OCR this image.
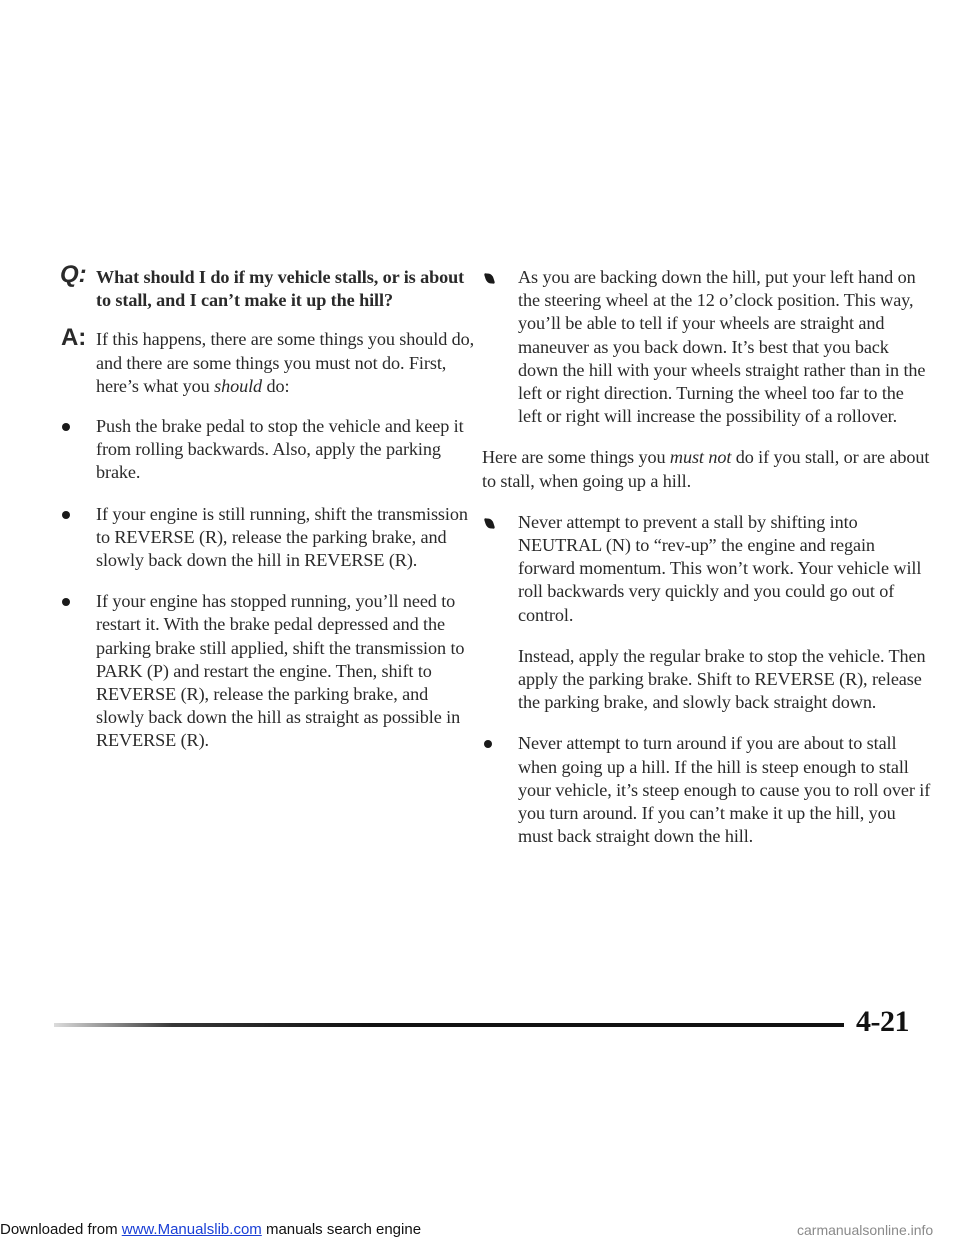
Q: What should I do if my vehicle stalls, or is about to stall, and I can’t make it up the hill?
A: If this happens, there are some things you should do, and there are some things you must not do. First, here’s what you should do:
Push the brake pedal to stop the vehicle and keep it from rolling backwards. Also, apply the parking brake.
If your engine is still running, shift the transmission to REVERSE (R), release the parking brake, and slowly back down the hill in REVERSE (R).
If your engine has stopped running, you’ll need to restart it. With the brake pedal depressed and the parking brake still applied, shift the transmission to PARK (P) and restart the engine. Then, shift to REVERSE (R), release the parking brake, and slowly back down the hill as straight as possible in REVERSE (R).
As you are backing down the hill, put your left hand on the steering wheel at the 12 o’clock position. This way, you’ll be able to tell if your wheels are straight and maneuver as you back down. It’s best that you back down the hill with your wheels straight rather than in the left or right direction. Turning the wheel too far to the left or right will increase the possibility of a rollover.
Here are some things you must not do if you stall, or are about to stall, when going up a hill.
Never attempt to prevent a stall by shifting into NEUTRAL (N) to “rev-up” the engine and regain forward momentum. This won’t work. Your vehicle will roll backwards very quickly and you could go out of control.
Instead, apply the regular brake to stop the vehicle. Then apply the parking brake. Shift to REVERSE (R), release the parking brake, and slowly back straight down.
Never attempt to turn around if you are about to stall when going up a hill. If the hill is steep enough to stall your vehicle, it’s steep enough to cause you to roll over if you turn around. If you can’t make it up the hill, you must back straight down the hill.
4-21
Downloaded from www.Manualslib.com manuals search engine	carmanualsonline.info
